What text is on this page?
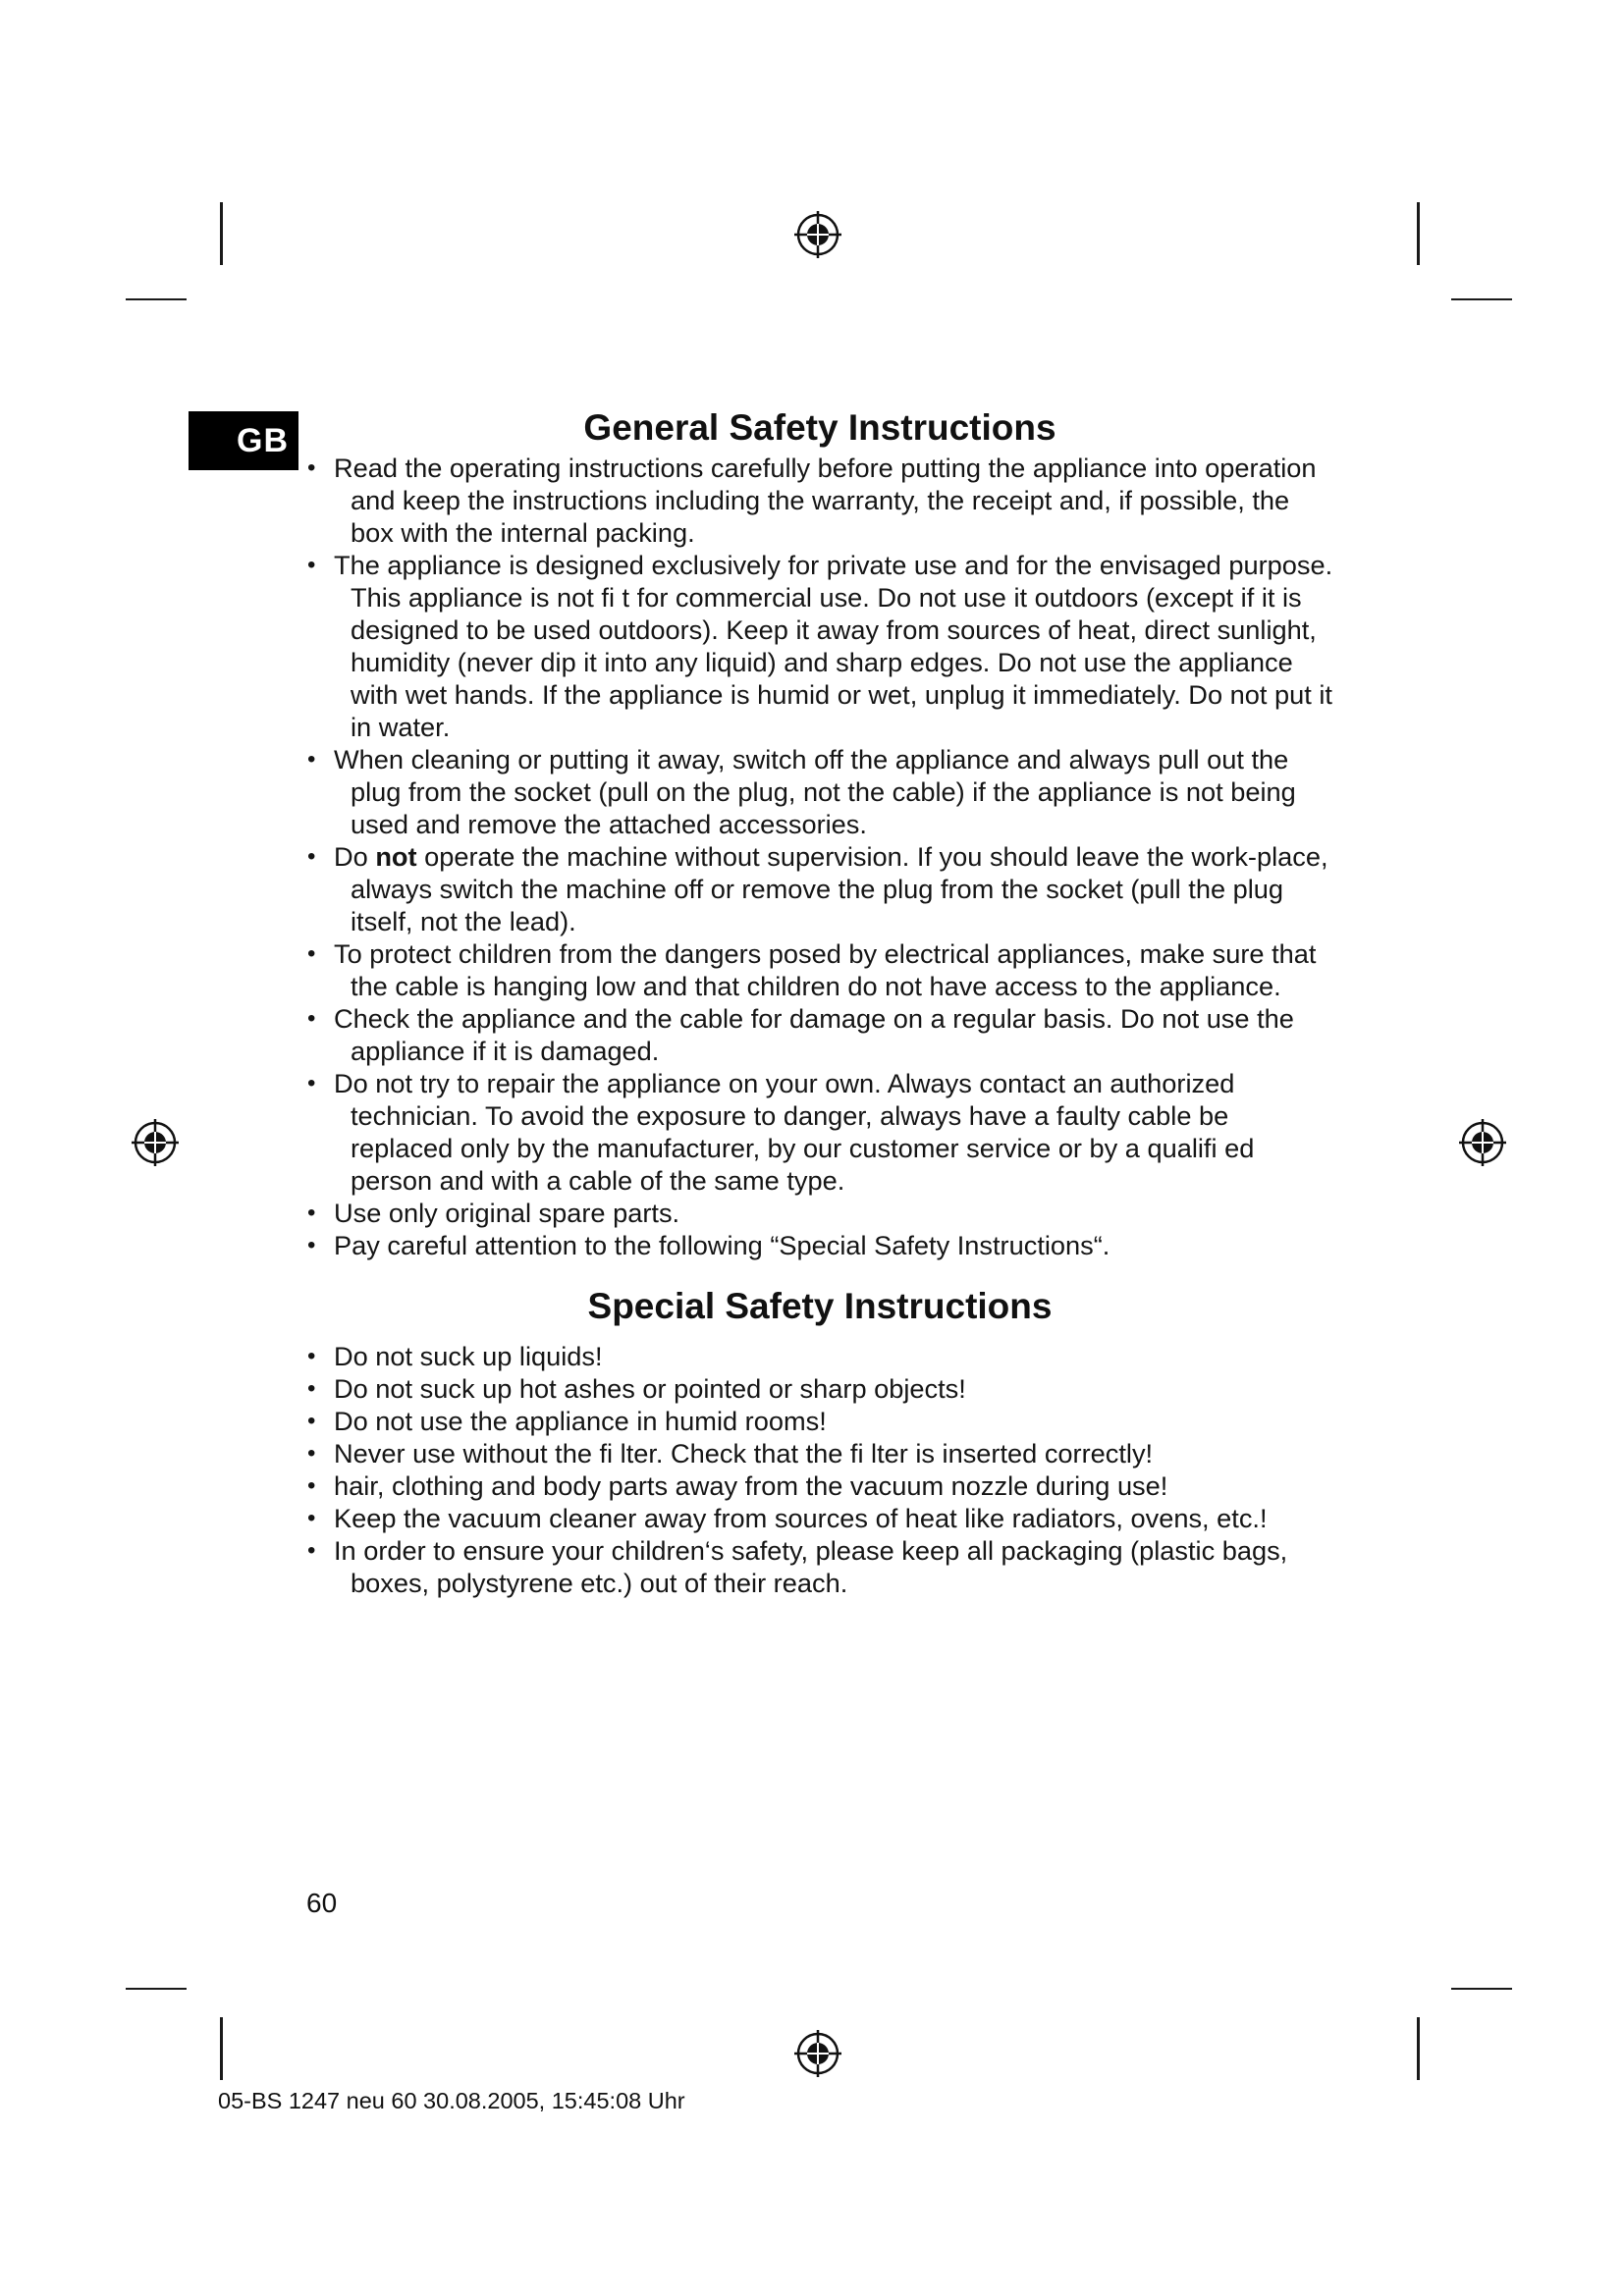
GB	General Safety Instructions
• Read the operating instructions carefully before putting the appliance into operation and keep the instructions including the warranty, the receipt and, if possible, the box with the internal packing.
• The appliance is designed exclusively for private use and for the envisaged purpose. This appliance is not fi t for commercial use. Do not use it outdoors (except if it is designed to be used outdoors). Keep it away from sources of heat, direct sunlight, humidity (never dip it into any liquid) and sharp edges. Do not use the appliance with wet hands. If the appliance is humid or wet, unplug it immediately. Do not put it in water.
• When cleaning or putting it away, switch off the appliance and always pull out the plug from the socket (pull on the plug, not the cable) if the appliance is not being used and remove the attached accessories.
• Do not operate the machine without supervision. If you should leave the work-place, always switch the machine off or remove the plug from the socket (pull the plug itself, not the lead).
• To protect children from the dangers posed by electrical appliances, make sure that the cable is hanging low and that children do not have access to the appliance.
• Check the appliance and the cable for damage on a regular basis. Do not use the appliance if it is damaged.
• Do not try to repair the appliance on your own. Always contact an authorized technician. To avoid the exposure to danger, always have a faulty cable be replaced only by the manufacturer, by our customer service or by a qualifi ed person and with a cable of the same type.
• Use only original spare parts.
• Pay careful attention to the following “Special Safety Instructions“.
Special Safety Instructions
• Do not suck up liquids!
• Do not suck up hot ashes or pointed or sharp objects!
• Do not use the appliance in humid rooms!
• Never use without the fi lter. Check that the fi lter is inserted correctly!
• hair, clothing and body parts away from the vacuum nozzle during use!
• Keep the vacuum cleaner away from sources of heat like radiators, ovens, etc.!
• In order to ensure your children‘s safety, please keep all packaging (plastic bags, boxes, polystyrene etc.) out of their reach.
60
05-BS 1247 neu 60 30.08.2005, 15:45:08 Uhr
